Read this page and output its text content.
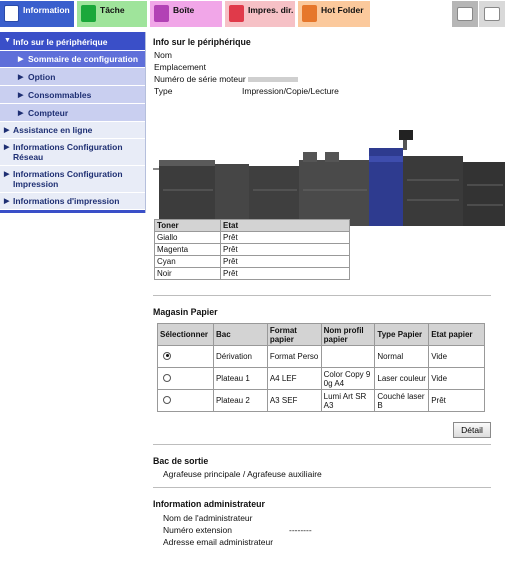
Information	Tâche	Boîte	Impres. dir.	Hot Folder
▼ Info sur le périphérique
▶ Sommaire de configuration
▶ Option
▶ Consommables
▶ Compteur
▶ Assistance en ligne
▶ Informations Configuration Réseau
▶ Informations Configuration Impression
▶ Informations d'impression

Info sur le périphérique

Nom
Emplacement
Numéro de série moteur
Type	Impression/Copie/Lecture
Toner	Etat
Giallo	Prêt
Magenta	Prêt
Cyan	Prêt
Noir	Prêt

Magasin Papier

Sélectionner	Bac	Format papier	Nom profil papier	Type Papier	Etat papier
	Dérivation	Format Perso		Normal	Vide
	Plateau 1	A4 LEF	Color Copy 9 0g A4	Laser couleur	Vide
	Plateau 2	A3 SEF	Lumi Art SR A3	Couché laser B	Prêt
Détail

Bac de sortie

Agrafeuse principale / Agrafeuse auxiliaire

Information administrateur

Nom de l'administrateur
Numéro extension	--------
Adresse email administrateur
